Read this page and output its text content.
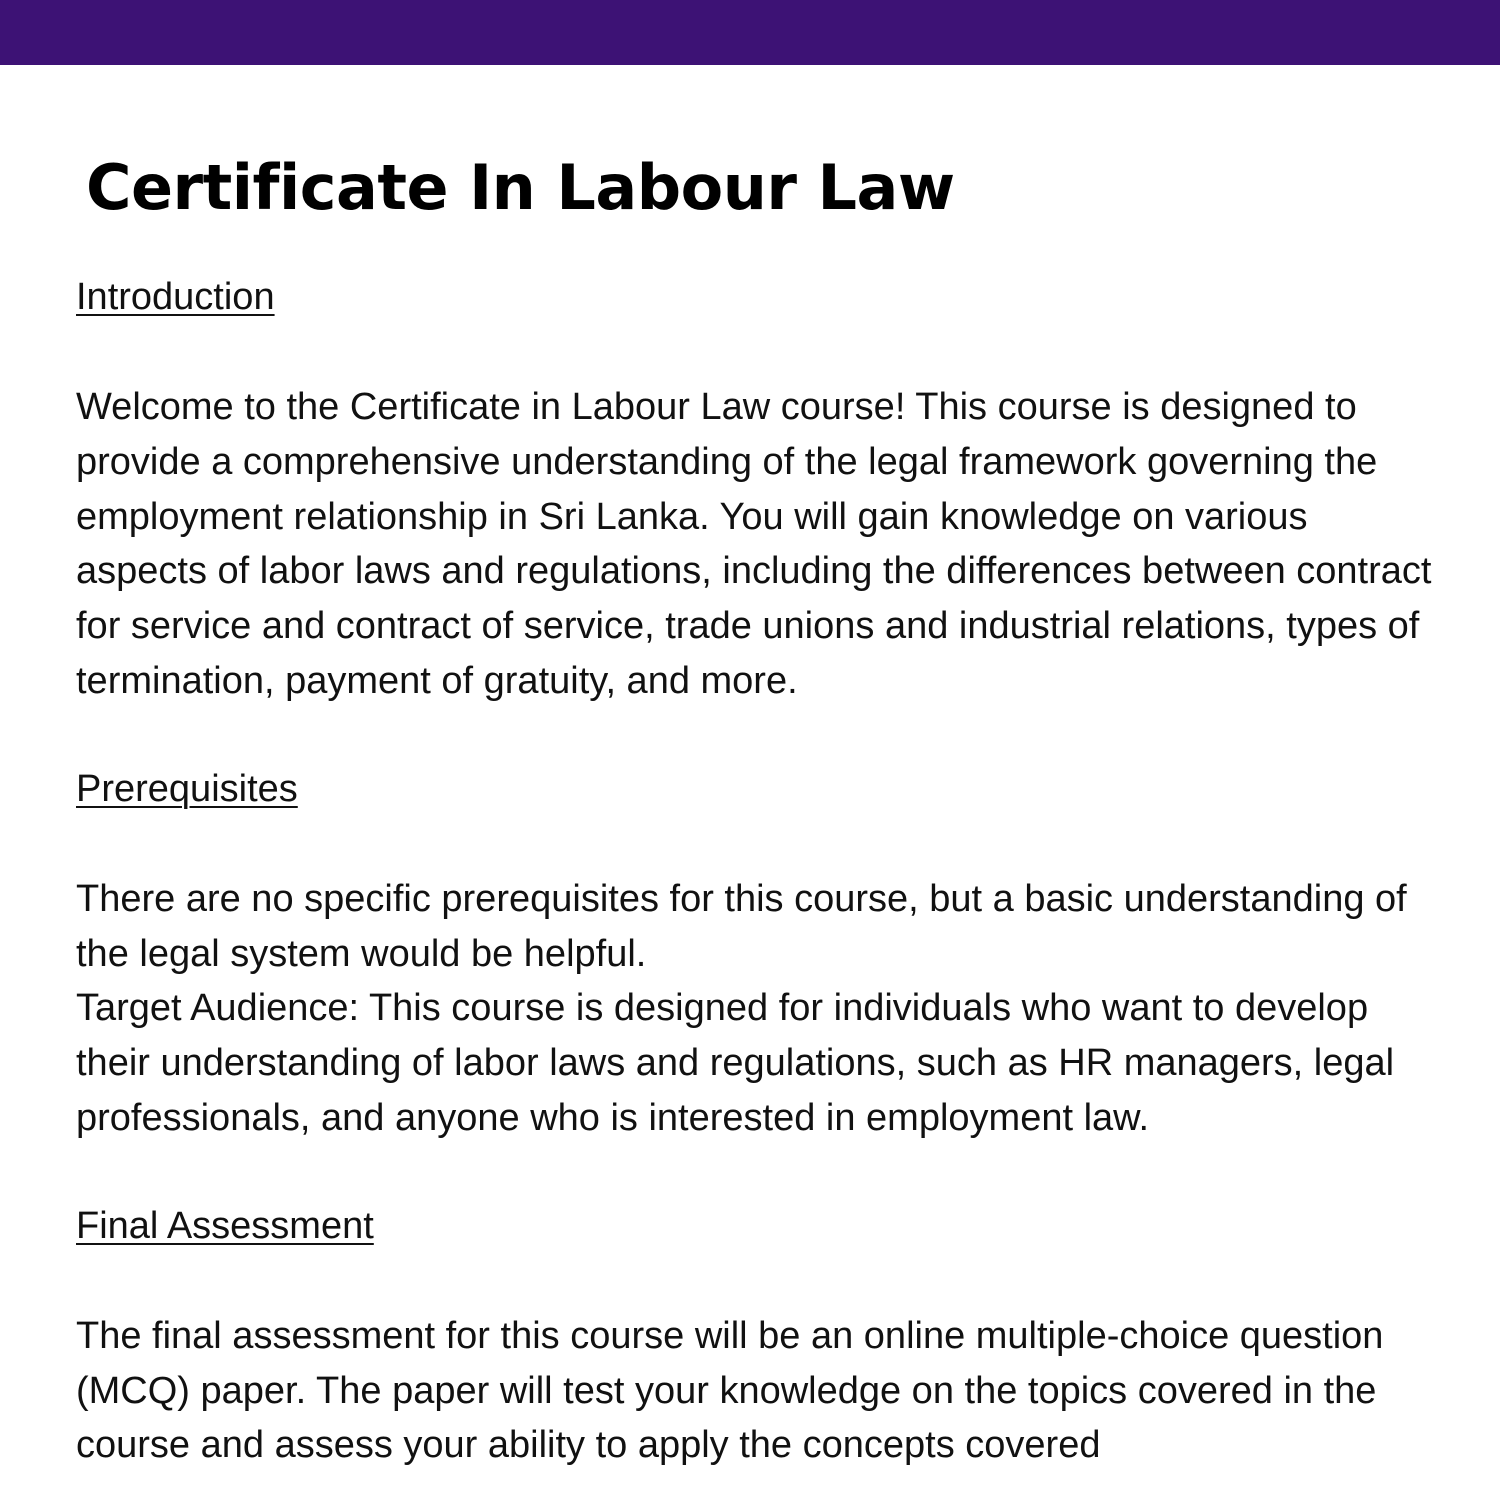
Certificate In Labour Law

Introduction

Welcome to the Certificate in Labour Law course! This course is designed to provide a comprehensive understanding of the legal framework governing the employment relationship in Sri Lanka. You will gain knowledge on various aspects of labor laws and regulations, including the differences between contract for service and contract of service, trade unions and industrial relations, types of termination, payment of gratuity, and more.

Prerequisites

There are no specific prerequisites for this course, but a basic understanding of the legal system would be helpful.

Target Audience: This course is designed for individuals who want to develop their understanding of labor laws and regulations, such as HR managers, legal professionals, and anyone who is interested in employment law.

Final Assessment

The final assessment for this course will be an online multiple-choice question (MCQ) paper. The paper will test your knowledge on the topics covered in the course and assess your ability to apply the concepts covered
